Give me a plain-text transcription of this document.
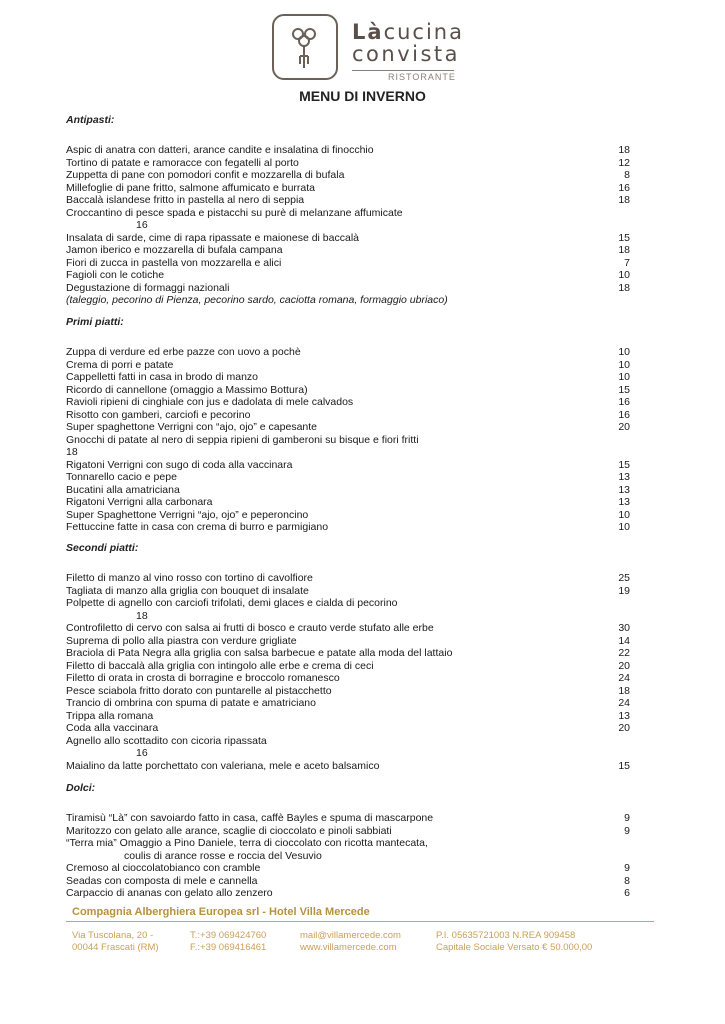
Làcucina
convista
RISTORANTE
MENU DI INVERNO
Antipasti:
Aspic di anatra con datteri, arance candite e insalatina di finocchio	18
Tortino di patate e ramoracce con fegatelli al porto	12
Zuppetta di pane con pomodori confit e mozzarella di bufala	8
Millefoglie di pane fritto, salmone affumicato e burrata	16
Baccalà islandese fritto in pastella al nero di seppia	18
Croccantino di pesce spada e pistacchi su purè di melanzane affumicate
16
Insalata di sarde, cime di rapa ripassate e maionese di baccalà	15
Jamon iberico e mozzarella di bufala campana	18
Fiori di zucca in pastella von mozzarella e alici	7
Fagioli con le cotiche	10
Degustazione di formaggi nazionali	18
(taleggio, pecorino di Pienza, pecorino sardo, caciotta romana, formaggio ubriaco)
Primi piatti:
Zuppa di verdure ed erbe pazze con uovo a pochè	10
Crema di porri e patate	10
Cappelletti fatti in casa in brodo di manzo	10
Ricordo di cannellone (omaggio a Massimo Bottura)	15
Ravioli ripieni di cinghiale con jus e dadolata di mele calvados	16
Risotto con gamberi, carciofi e pecorino	16
Super spaghettone Verrigni con “ajo, ojo” e capesante	20
Gnocchi di patate al nero di seppia ripieni di gamberoni su bisque e fiori fritti
18
Rigatoni Verrigni con sugo di coda alla vaccinara	15
Tonnarello cacio e pepe	13
Bucatini alla amatriciana	13
Rigatoni Verrigni alla carbonara	13
Super Spaghettone Verrigni “ajo, ojo” e peperoncino	10
Fettuccine fatte in casa con crema di burro e parmigiano	10
Secondi piatti:
Filetto di manzo al vino rosso con tortino di cavolfiore	25
Tagliata di manzo alla griglia con bouquet di insalate	19
Polpette di agnello con carciofi trifolati, demi glaces e cialda di pecorino
18
Controfiletto di cervo con salsa ai frutti di bosco e crauto verde stufato alle erbe	30
Suprema di pollo alla piastra con verdure grigliate	14
Braciola di Pata Negra alla griglia con salsa barbecue e patate alla moda del lattaio	22
Filetto di baccalà alla griglia con intingolo alle erbe e crema di ceci	20
Filetto di orata in crosta di borragine e broccolo romanesco	24
Pesce sciabola fritto dorato con puntarelle al pistacchetto	18
Trancio di ombrina con spuma di patate e amatriciano	24
Trippa alla romana	13
Coda alla vaccinara	20
Agnello allo scottadito con cicoria ripassata
16
Maialino da latte porchettato con valeriana, mele e aceto balsamico	15
Dolci:
Tiramisù “Là” con savoiardo fatto in casa, caffè Bayles e spuma di mascarpone	9
Maritozzo con gelato alle arance, scaglie di cioccolato e pinoli sabbiati	9
“Terra mia” Omaggio a Pino Daniele, terra di cioccolato con ricotta mantecata,
coulis di arance rosse e roccia del Vesuvio
Cremoso al cioccolatobianco con cramble	9
Seadas con composta di mele e cannella	8
Carpaccio di ananas con gelato allo zenzero	6
Compagnia Alberghiera Europea srl - Hotel Villa Mercede
Via Tuscolana, 20 -
00044 Frascati (RM)
T.:+39 069424760
F.:+39 069416461
mail@villamercede.com
www.villamercede.com
P.I. 05635721003 N.REA 909458
Capitale Sociale Versato € 50.000,00
